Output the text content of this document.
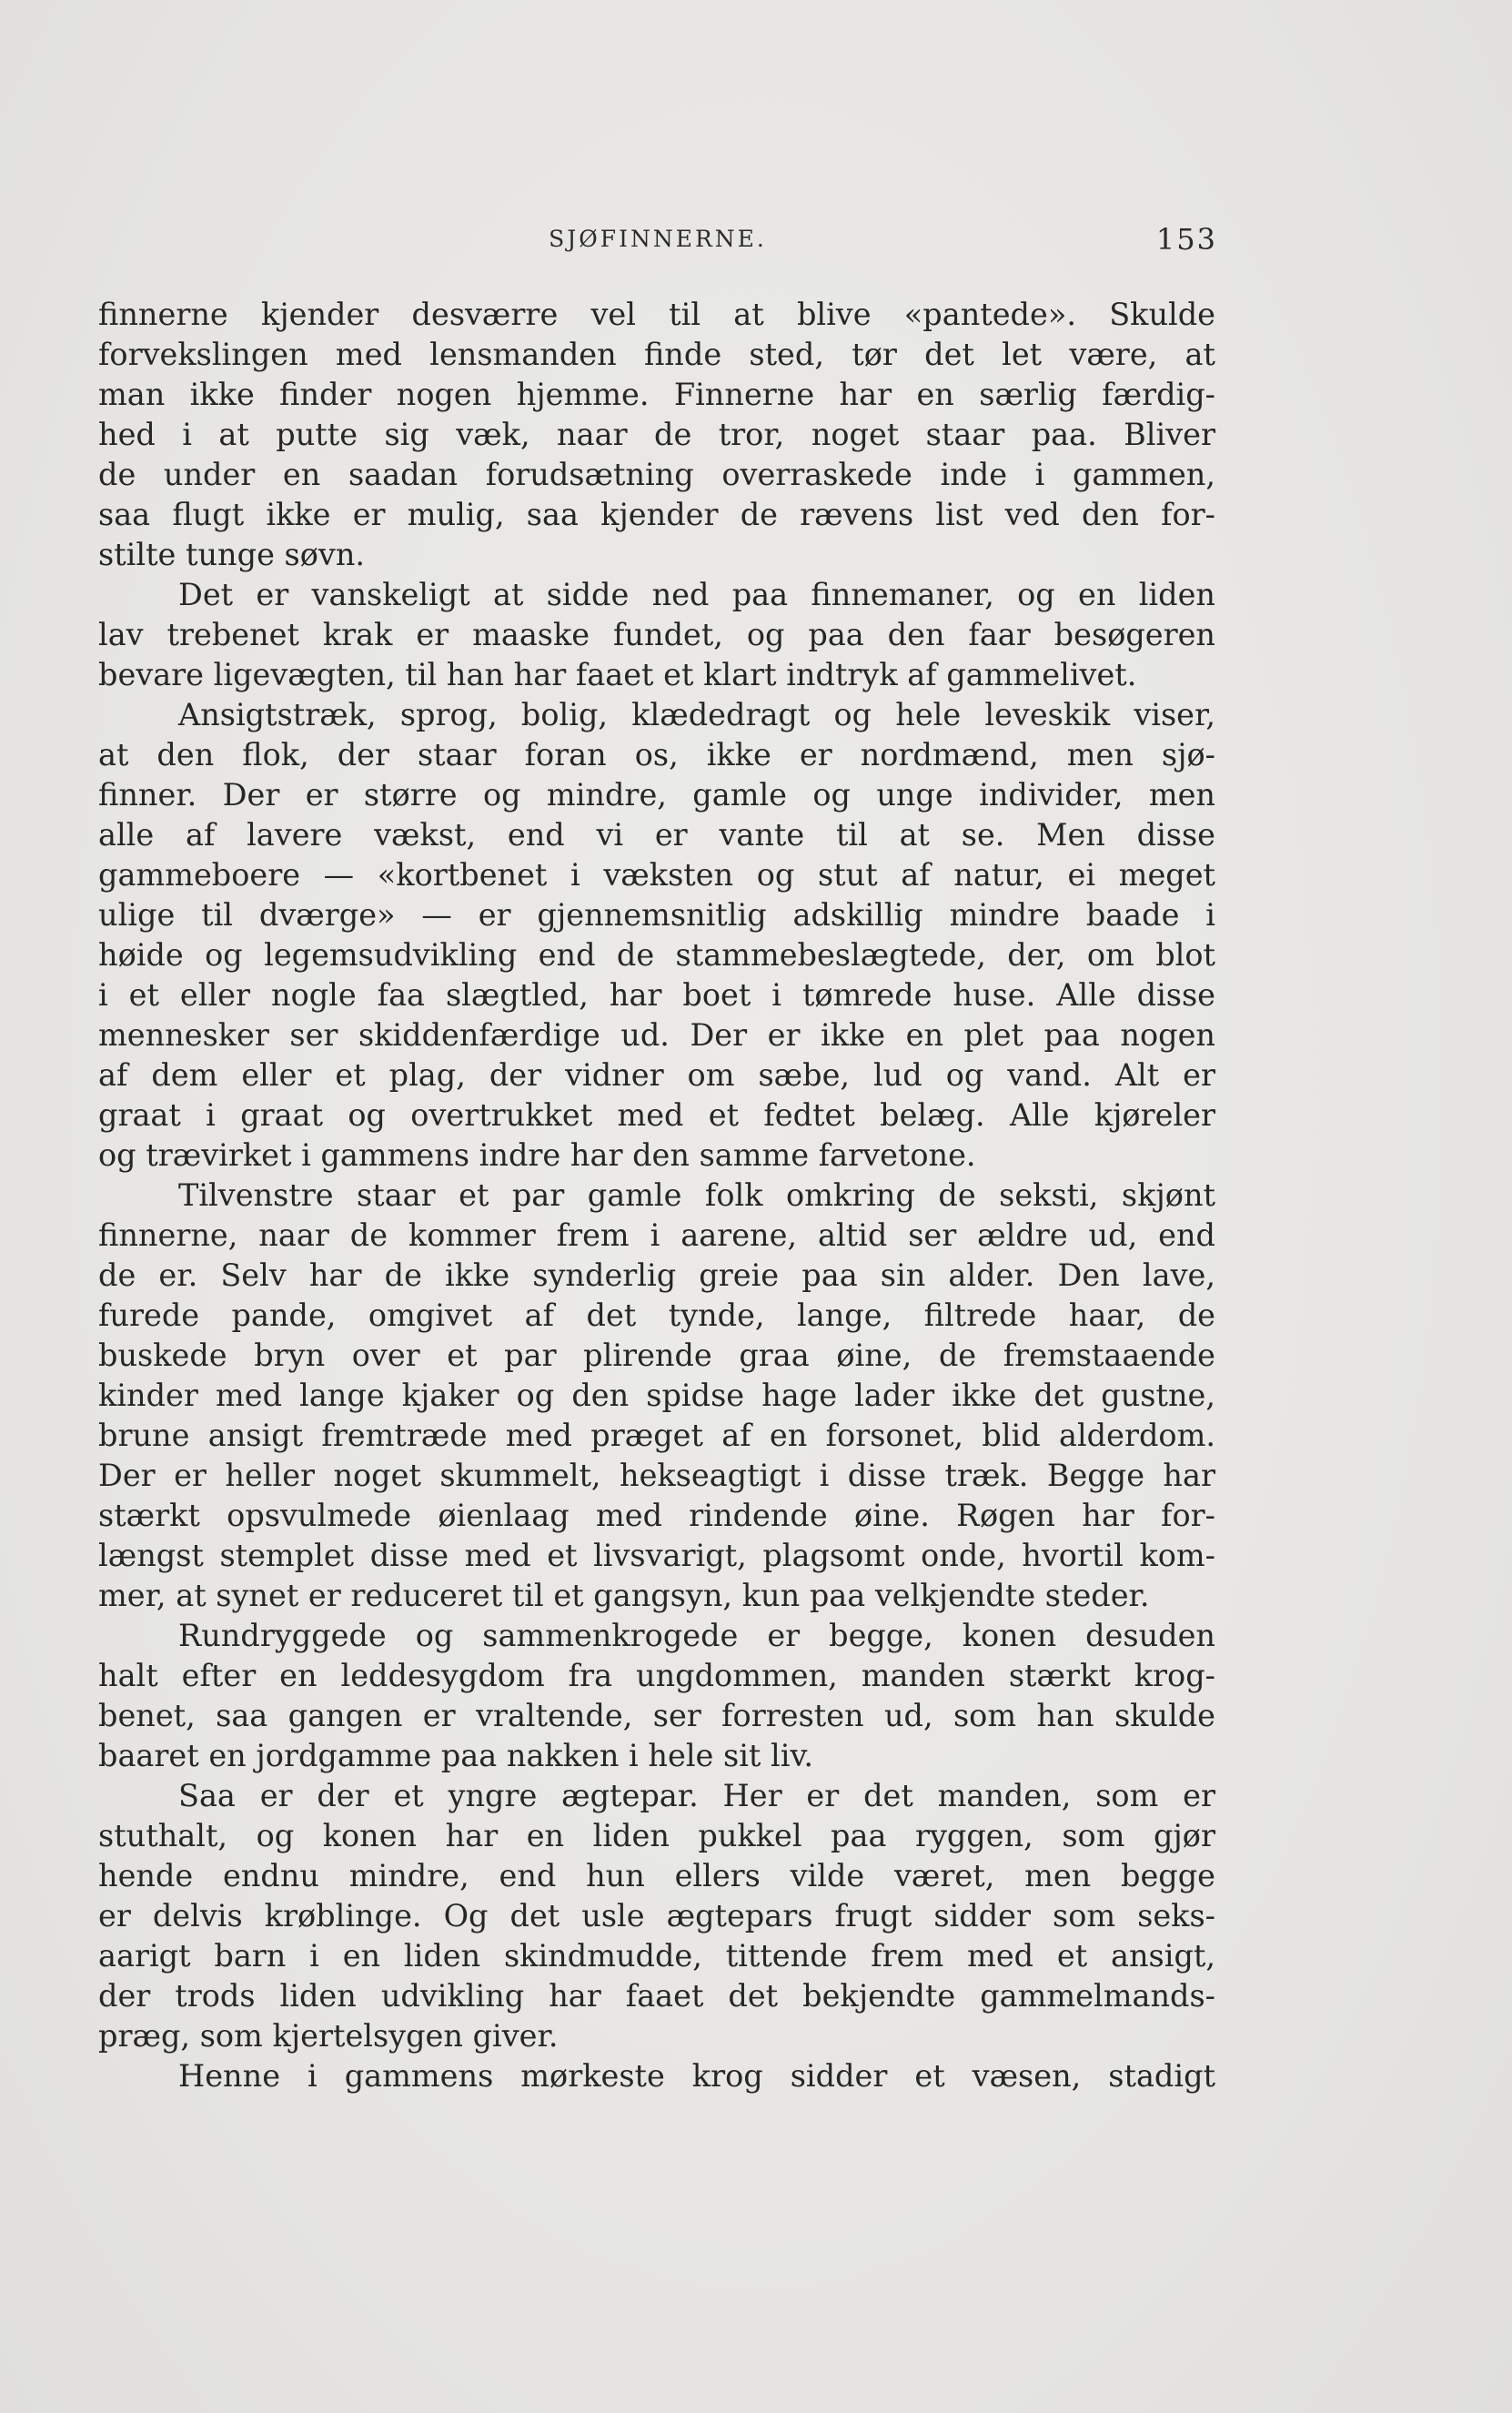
SJØFINNERNE.	153
finnerne kjender desværre vel til at blive «pantede». Skulde
forvekslingen med lensmanden finde sted, tør det let være, at
man ikke finder nogen hjemme. Finnerne har en særlig færdig-
hed i at putte sig væk, naar de tror, noget staar paa. Bliver
de under en saadan forudsætning overraskede inde i gammen,
saa flugt ikke er mulig, saa kjender de rævens list ved den for-
stilte tunge søvn.
Det er vanskeligt at sidde ned paa finnemaner, og en liden
lav trebenet krak er maaske fundet, og paa den faar besøgeren
bevare ligevægten, til han har faaet et klart indtryk af gammelivet.
Ansigtstræk, sprog, bolig, klædedragt og hele leveskik viser,
at den flok, der staar foran os, ikke er nordmænd, men sjø-
finner. Der er større og mindre, gamle og unge individer, men
alle af lavere vækst, end vi er vante til at se. Men disse
gammeboere — «kortbenet i væksten og stut af natur, ei meget
ulige til dværge» — er gjennemsnitlig adskillig mindre baade i
høide og legemsudvikling end de stammebeslægtede, der, om blot
i et eller nogle faa slægtled, har boet i tømrede huse. Alle disse
mennesker ser skiddenfærdige ud. Der er ikke en plet paa nogen
af dem eller et plag, der vidner om sæbe, lud og vand. Alt er
graat i graat og overtrukket med et fedtet belæg. Alle kjøreler
og trævirket i gammens indre har den samme farvetone.
Tilvenstre staar et par gamle folk omkring de seksti, skjønt
finnerne, naar de kommer frem i aarene, altid ser ældre ud, end
de er. Selv har de ikke synderlig greie paa sin alder. Den lave,
furede pande, omgivet af det tynde, lange, filtrede haar, de
buskede bryn over et par plirende graa øine, de fremstaaende
kinder med lange kjaker og den spidse hage lader ikke det gustne,
brune ansigt fremtræde med præget af en forsonet, blid alderdom.
Der er heller noget skummelt, hekseagtigt i disse træk. Begge har
stærkt opsvulmede øienlaag med rindende øine. Røgen har for-
længst stemplet disse med et livsvarigt, plagsomt onde, hvortil kom-
mer, at synet er reduceret til et gangsyn, kun paa velkjendte steder.
Rundryggede og sammenkrogede er begge, konen desuden
halt efter en leddesygdom fra ungdommen, manden stærkt krog-
benet, saa gangen er vraltende, ser forresten ud, som han skulde
baaret en jordgamme paa nakken i hele sit liv.
Saa er der et yngre ægtepar. Her er det manden, som er
stuthalt, og konen har en liden pukkel paa ryggen, som gjør
hende endnu mindre, end hun ellers vilde været, men begge
er delvis krøblinge. Og det usle ægtepars frugt sidder som seks-
aarigt barn i en liden skindmudde, tittende frem med et ansigt,
der trods liden udvikling har faaet det bekjendte gammelmands-
præg, som kjertelsygen giver.
Henne i gammens mørkeste krog sidder et væsen, stadigt
